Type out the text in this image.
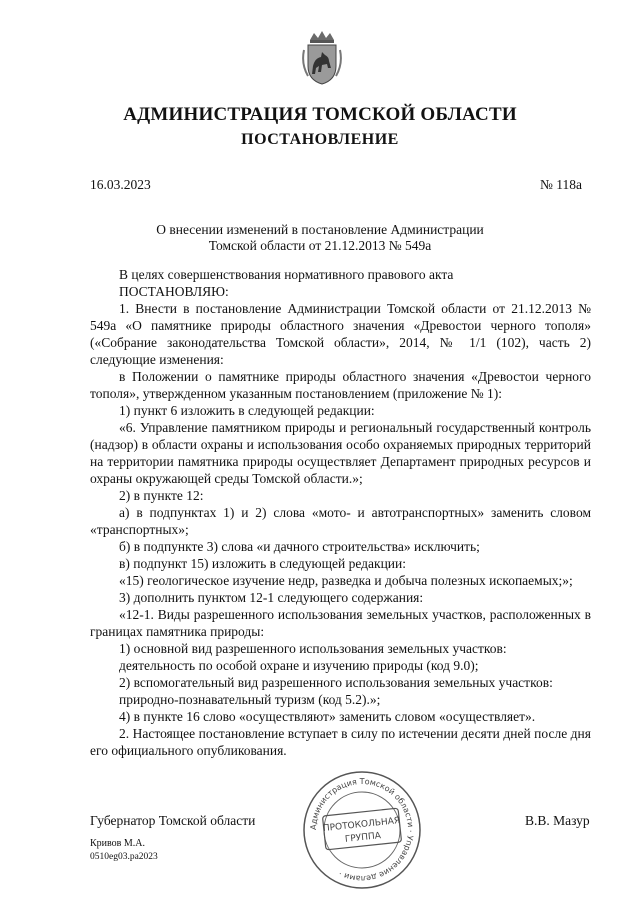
АДМИНИСТРАЦИЯ ТОМСКОЙ ОБЛАСТИ
ПОСТАНОВЛЕНИЕ
16.03.2023	№ 118а
О внесении изменений в постановление Администрации
Томской области от 21.12.2013 № 549а

В целях совершенствования нормативного правового акта

ПОСТАНОВЛЯЮ:

1. Внести в постановление Администрации Томской области от 21.12.2013 № 549а «О памятнике природы областного значения «Древостои черного тополя» («Собрание законодательства Томской области», 2014, № 1/1 (102), часть 2) следующие изменения:

в Положении о памятнике природы областного значения «Древостои черного тополя», утвержденном указанным постановлением (приложение № 1):

1) пункт 6 изложить в следующей редакции:

«6. Управление памятником природы и региональный государственный контроль (надзор) в области охраны и использования особо охраняемых природных территорий на территории памятника природы осуществляет Департамент природных ресурсов и охраны окружающей среды Томской области.»;

2) в пункте 12:

а) в подпунктах 1) и 2) слова «мото- и автотранспортных» заменить словом «транспортных»;

б) в подпункте 3) слова «и дачного строительства» исключить;

в) подпункт 15) изложить в следующей редакции:

«15) геологическое изучение недр, разведка и добыча полезных ископаемых;»;

3) дополнить пунктом 12-1 следующего содержания:

«12-1. Виды разрешенного использования земельных участков, расположенных в границах памятника природы:

1) основной вид разрешенного использования земельных участков:

деятельность по особой охране и изучению природы (код 9.0);

2) вспомогательный вид разрешенного использования земельных участков:

природно-познавательный туризм (код 5.2).»;

4) в пункте 16 слово «осуществляют» заменить словом «осуществляет».

2. Настоящее постановление вступает в силу по истечении десяти дней после дня его официального опубликования.

Администрация Томской области · Управление делами ·
ПРОТОКОЛЬНАЯ
ГРУППА
Губернатор Томской области	В.В. Мазур
Кривов М.А.
0510eg03.pa2023
